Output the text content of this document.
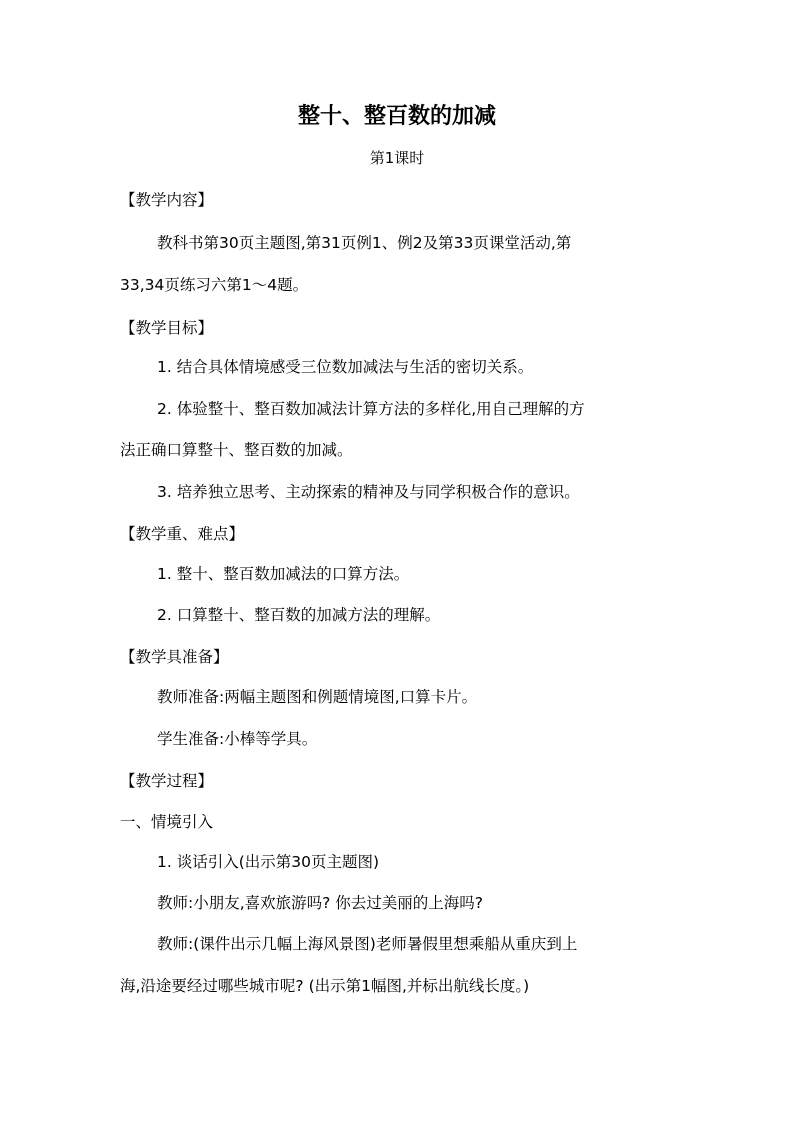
整十、整百数的加减
第1课时
【教学内容】
教科书第30页主题图,第31页例1、例2及第33页课堂活动,第
33,34页练习六第1～4题。
【教学目标】
1. 结合具体情境感受三位数加减法与生活的密切关系。
2. 体验整十、整百数加减法计算方法的多样化,用自己理解的方
法正确口算整十、整百数的加减。
3. 培养独立思考、主动探索的精神及与同学积极合作的意识。
【教学重、难点】
1. 整十、整百数加减法的口算方法。
2. 口算整十、整百数的加减方法的理解。
【教学具准备】
教师准备:两幅主题图和例题情境图,口算卡片。
学生准备:小棒等学具。
【教学过程】
一、情境引入
1. 谈话引入(出示第30页主题图)
教师:小朋友,喜欢旅游吗? 你去过美丽的上海吗?
教师:(课件出示几幅上海风景图)老师暑假里想乘船从重庆到上
海,沿途要经过哪些城市呢? (出示第1幅图,并标出航线长度。)
